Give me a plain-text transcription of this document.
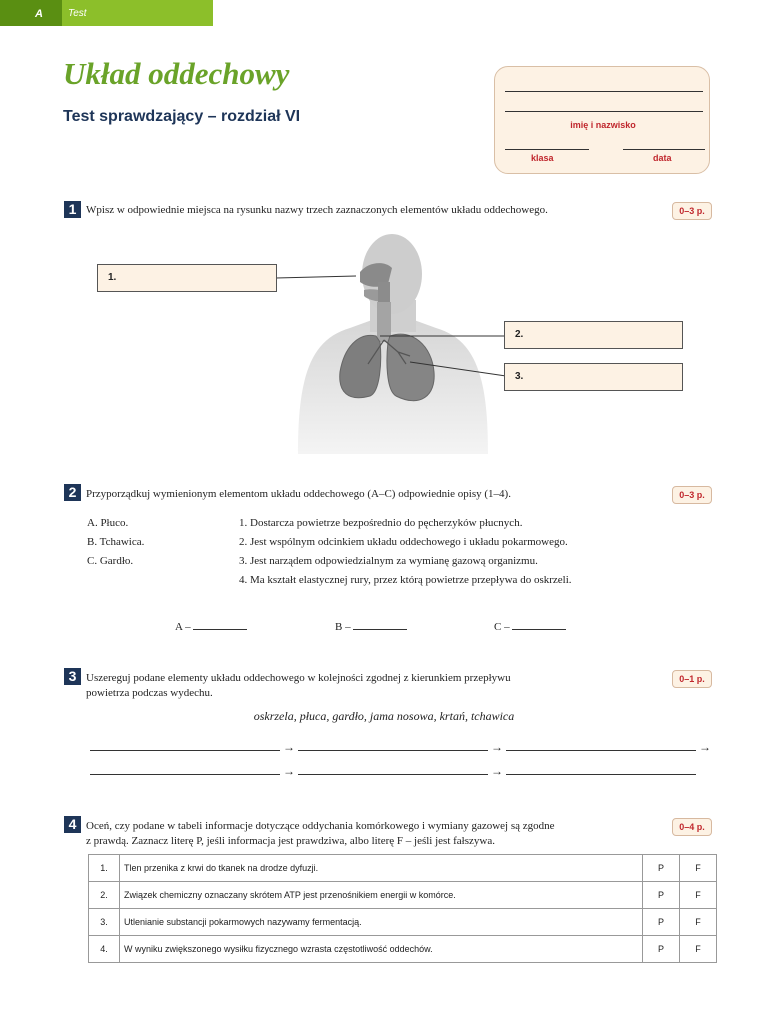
A	Test
Układ oddechowy
Test sprawdzający – rozdział VI	imię i nazwisko
klasa	data
1 Wpisz w odpowiednie miejsca na rysunku nazwy trzech zaznaczonych elementów układu oddechowego.	0–3 p.
1.
2.
3.
2 Przyporządkuj wymienionym elementom układu oddechowego (A–C) odpowiednie opisy (1–4).	0–3 p.
A. Płuco.
B. Tchawica.
C. Gardło.
1. Dostarcza powietrze bezpośrednio do pęcherzyków płucnych.
2. Jest wspólnym odcinkiem układu oddechowego i układu pokarmowego.
3. Jest narządem odpowiedzialnym za wymianę gazową organizmu.
4. Ma kształt elastycznej rury, przez którą powietrze przepływa do oskrzeli.
A –	B –	C –
3 Uszereguj podane elementy układu oddechowego w kolejności zgodnej z kierunkiem przepływu
powietrza podczas wydechu.
0–1 p.
oskrzela, płuca, gardło, jama nosowa, krtań, tchawica
→	→	→
→	→
4 Oceń, czy podane w tabeli informacje dotyczące oddychania komórkowego i wymiany gazowej są zgodne
z prawdą. Zaznacz literę P, jeśli informacja jest prawdziwa, albo literę F – jeśli jest fałszywa.
0–4 p.
1.	Tlen przenika z krwi do tkanek na drodze dyfuzji.	P	F
2.	Związek chemiczny oznaczany skrótem ATP jest przenośnikiem energii w komórce.	P	F
3.	Utlenianie substancji pokarmowych nazywamy fermentacją.	P	F
4.	W wyniku zwiększonego wysiłku fizycznego wzrasta częstotliwość oddechów.	P	F
